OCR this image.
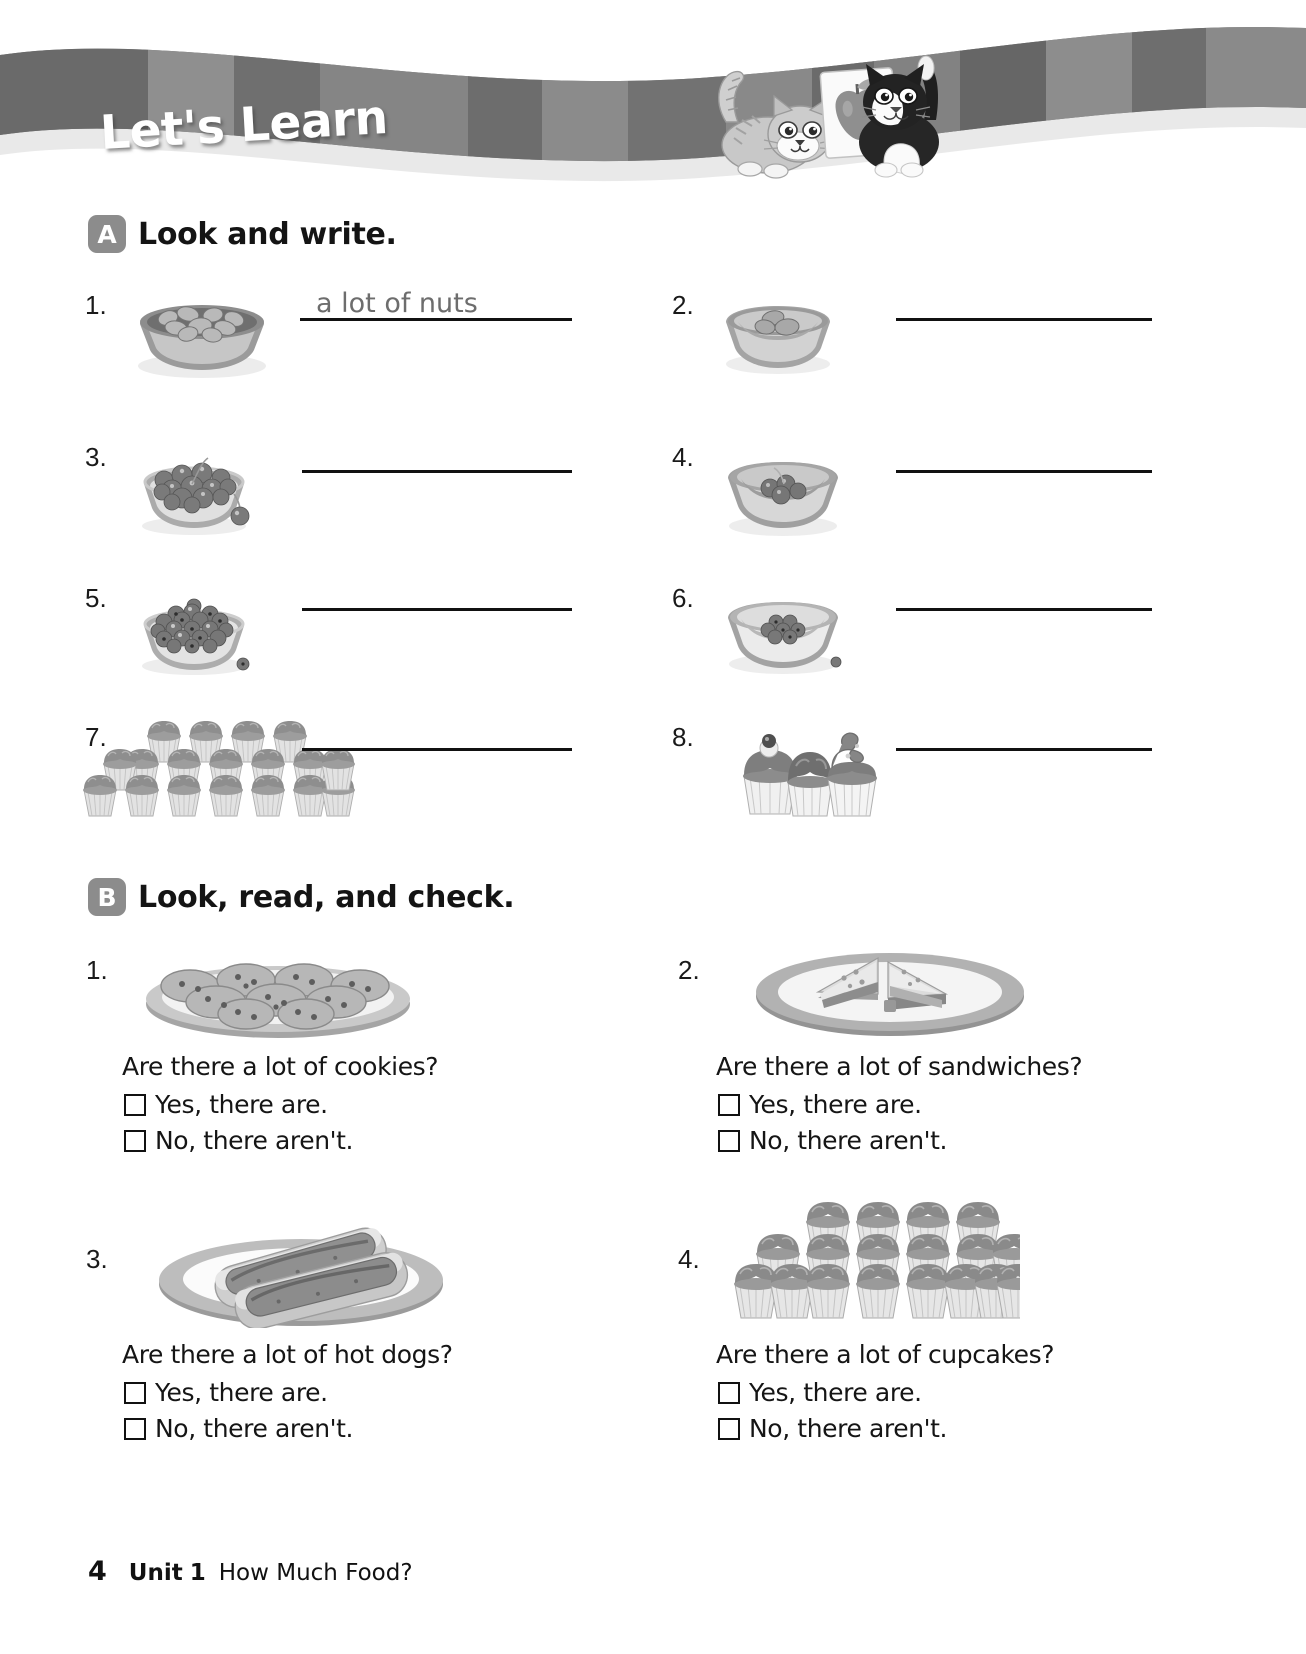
Let's Learn
A Look and write.
1.	a lot of nuts	2.
3.	4.
5.	6.
7.	8.
B Look, read, and check.
1.
Are there a lot of cookies?
Yes, there are.
No, there aren't.
2.
Are there a lot of sandwiches?
Yes, there are.
No, there aren't.
3.
Are there a lot of hot dogs?
Yes, there are.
No, there aren't.
4.
Are there a lot of cupcakes?
Yes, there are.
No, there aren't.
4 Unit 1 How Much Food?
